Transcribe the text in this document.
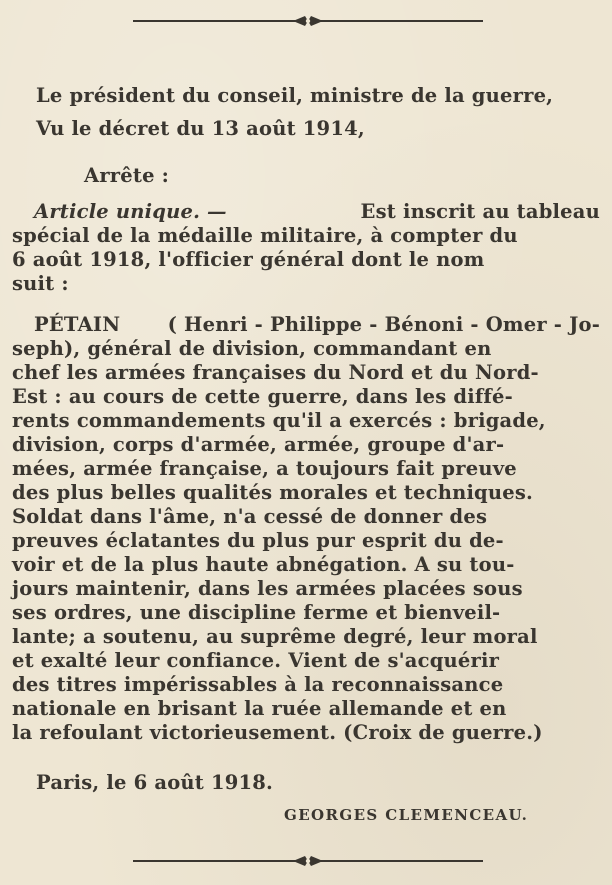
Le président du conseil, ministre de la guerre,
Vu le décret du 13 août 1914,
Arrête :
Article unique. —	Est inscrit au tableau
spécial de la médaille militaire, à compter du
6 août 1918, l'officier général dont le nom
suit :
PÉTAIN ( Henri - Philippe - Bénoni - Omer - Jo-
seph), général de division, commandant en
chef les armées françaises du Nord et du Nord-
Est : au cours de cette guerre, dans les diffé-
rents commandements qu'il a exercés : brigade,
division, corps d'armée, armée, groupe d'ar-
mées, armée française, a toujours fait preuve
des plus belles qualités morales et techniques.
Soldat dans l'âme, n'a cessé de donner des
preuves éclatantes du plus pur esprit du de-
voir et de la plus haute abnégation. A su tou-
jours maintenir, dans les armées placées sous
ses ordres, une discipline ferme et bienveil-
lante; a soutenu, au suprême degré, leur moral
et exalté leur confiance. Vient de s'acquérir
des titres impérissables à la reconnaissance
nationale en brisant la ruée allemande et en
la refoulant victorieusement. (Croix de guerre.)
Paris, le 6 août 1918.
GEORGES CLEMENCEAU.
